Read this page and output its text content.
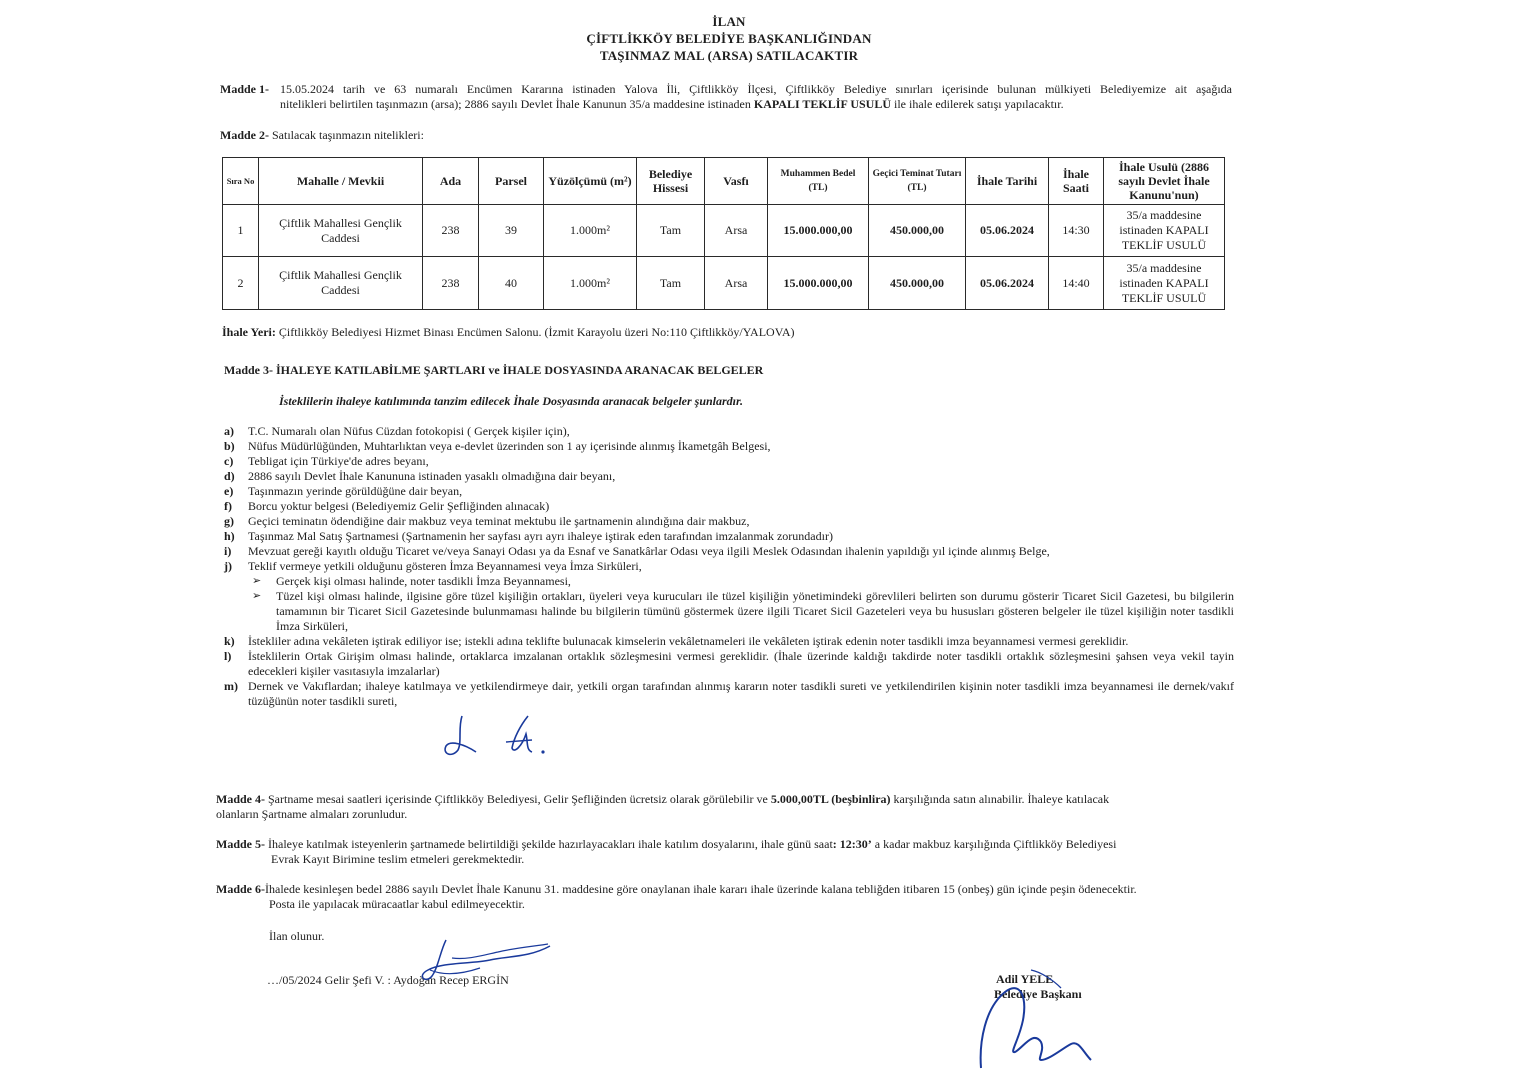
İLAN
ÇİFTLİKKÖY BELEDİYE BAŞKANLIĞINDAN
TAŞINMAZ MAL (ARSA) SATILACAKTIR
Madde 1- 15.05.2024 tarih ve 63 numaralı Encümen Kararına istinaden Yalova İli, Çiftlikköy İlçesi, Çiftlikköy Belediye sınırları içerisinde bulunan mülkiyeti Belediyemize ait aşağıda
nitelikleri belirtilen taşınmazın (arsa); 2886 sayılı Devlet İhale Kanunun 35/a maddesine istinaden KAPALI TEKLİF USULÜ ile ihale edilerek satışı yapılacaktır.
Madde 2- Satılacak taşınmazın nitelikleri:
Sıra No	Mahalle / Mevkii	Ada	Parsel	Yüzölçümü (m²)	Belediye Hissesi	Vasfı	Muhammen Bedel (TL)	Geçici Teminat Tutarı (TL)	İhale Tarihi	İhale Saati	İhale Usulü (2886 sayılı Devlet İhale Kanunu'nun)
1	Çiftlik Mahallesi Gençlik Caddesi	238	39	1.000m²	Tam	Arsa	15.000.000,00	450.000,00	05.06.2024	14:30	35/a maddesine istinaden KAPALI TEKLİF USULÜ
2	Çiftlik Mahallesi Gençlik Caddesi	238	40	1.000m²	Tam	Arsa	15.000.000,00	450.000,00	05.06.2024	14:40	35/a maddesine istinaden KAPALI TEKLİF USULÜ
İhale Yeri: Çiftlikköy Belediyesi Hizmet Binası Encümen Salonu. (İzmit Karayolu üzeri No:110 Çiftlikköy/YALOVA)
Madde 3- İHALEYE KATILABİLME ŞARTLARI ve İHALE DOSYASINDA ARANACAK BELGELER
İsteklilerin ihaleye katılımında tanzim edilecek İhale Dosyasında aranacak belgeler şunlardır.
a)	T.C. Numaralı olan Nüfus Cüzdan fotokopisi ( Gerçek kişiler için),
b)	Nüfus Müdürlüğünden, Muhtarlıktan veya e-devlet üzerinden son 1 ay içerisinde alınmış İkametgâh Belgesi,
c)	Tebligat için Türkiye'de adres beyanı,
d)	2886 sayılı Devlet İhale Kanununa istinaden yasaklı olmadığına dair beyanı,
e)	Taşınmazın yerinde görüldüğüne dair beyan,
f)	Borcu yoktur belgesi (Belediyemiz Gelir Şefliğinden alınacak)
g)	Geçici teminatın ödendiğine dair makbuz veya teminat mektubu ile şartnamenin alındığına dair makbuz,
h)	Taşınmaz Mal Satış Şartnamesi (Şartnamenin her sayfası ayrı ayrı ihaleye iştirak eden tarafından imzalanmak zorundadır)
i)	Mevzuat gereği kayıtlı olduğu Ticaret ve/veya Sanayi Odası ya da Esnaf ve Sanatkârlar Odası veya ilgili Meslek Odasından ihalenin yapıldığı yıl içinde alınmış Belge,
j)	Teklif vermeye yetkili olduğunu gösteren İmza Beyannamesi veya İmza Sirküleri,
➢ Gerçek kişi olması halinde, noter tasdikli İmza Beyannamesi,
➢ Tüzel kişi olması halinde, ilgisine göre tüzel kişiliğin ortakları, üyeleri veya kurucuları ile tüzel kişiliğin yönetimindeki görevlileri belirten son durumu gösterir Ticaret Sicil Gazetesi, bu bilgilerin tamamının bir Ticaret Sicil Gazetesinde bulunmaması halinde bu bilgilerin tümünü göstermek üzere ilgili Ticaret Sicil Gazeteleri veya bu hususları gösteren belgeler ile tüzel kişiliğin noter tasdikli İmza Sirküleri,
k)	İstekliler adına vekâleten iştirak ediliyor ise; istekli adına teklifte bulunacak kimselerin vekâletnameleri ile vekâleten iştirak edenin noter tasdikli imza beyannamesi vermesi gereklidir.
l)	İsteklilerin Ortak Girişim olması halinde, ortaklarca imzalanan ortaklık sözleşmesini vermesi gereklidir. (İhale üzerinde kaldığı takdirde noter tasdikli ortaklık sözleşmesini şahsen veya vekil tayin edecekleri kişiler vasıtasıyla imzalarlar)
m) Dernek ve Vakıflardan; ihaleye katılmaya ve yetkilendirmeye dair, yetkili organ tarafından alınmış kararın noter tasdikli sureti ve yetkilendirilen kişinin noter tasdikli imza beyannamesi ile dernek/vakıf tüzüğünün noter tasdikli sureti,
Madde 4- Şartname mesai saatleri içerisinde Çiftlikköy Belediyesi, Gelir Şefliğinden ücretsiz olarak görülebilir ve 5.000,00TL (beşbinlira) karşılığında satın alınabilir. İhaleye katılacak
olanların Şartname almaları zorunludur.
Madde 5- İhaleye katılmak isteyenlerin şartnamede belirtildiği şekilde hazırlayacakları ihale katılım dosyalarını, ihale günü saat: 12:30’ a kadar makbuz karşılığında Çiftlikköy Belediyesi
Evrak Kayıt Birimine teslim etmeleri gerekmektedir.
Madde 6-İhalede kesinleşen bedel 2886 sayılı Devlet İhale Kanunu 31. maddesine göre onaylanan ihale kararı ihale üzerinde kalana tebliğden itibaren 15 (onbeş) gün içinde peşin ödenecektir.
Posta ile yapılacak müracaatlar kabul edilmeyecektir.
İlan olunur.
…/05/2024 Gelir Şefi V. : Aydoğan Recep ERGİN	Adil YELE
Belediye Başkanı
